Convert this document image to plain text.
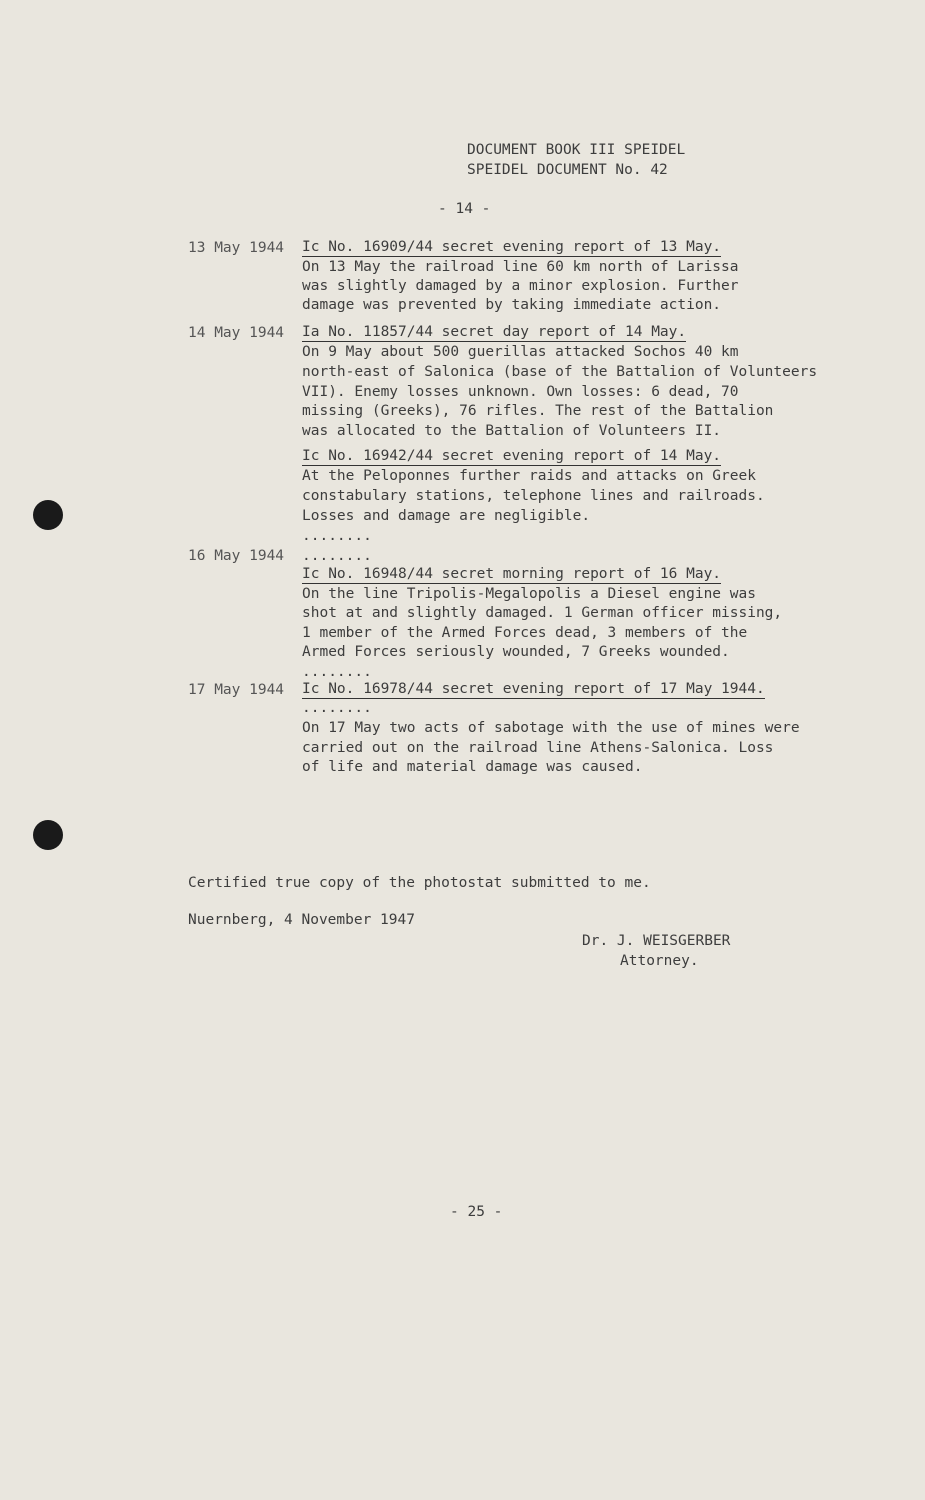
DOCUMENT BOOK III SPEIDEL
SPEIDEL DOCUMENT No. 42
- 14 -
13 May 1944 Ic No. 16909/44 secret evening report of 13 May.
On 13 May the railroad line 60 km north of Larissa
was slightly damaged by a minor explosion. Further
damage was prevented by taking immediate action.
14 May 1944 Ia No. 11857/44 secret day report of 14 May.
On 9 May about 500 guerillas attacked Sochos 40 km
north-east of Salonica (base of the Battalion of Volunteers
VII). Enemy losses unknown. Own losses: 6 dead, 70
missing (Greeks), 76 rifles. The rest of the Battalion
was allocated to the Battalion of Volunteers II.
Ic No. 16942/44 secret evening report of 14 May.
At the Peloponnes further raids and attacks on Greek
constabulary stations, telephone lines and railroads.
Losses and damage are negligible.
........
16 May 1944 ........
Ic No. 16948/44 secret morning report of 16 May.
On the line Tripolis-Megalopolis a Diesel engine was
shot at and slightly damaged. 1 German officer missing,
1 member of the Armed Forces dead, 3 members of the
Armed Forces seriously wounded, 7 Greeks wounded.
........
17 May 1944 Ic No. 16978/44 secret evening report of 17 May 1944.
........
On 17 May two acts of sabotage with the use of mines were
carried out on the railroad line Athens-Salonica. Loss
of life and material damage was caused.
Certified true copy of the photostat submitted to me.
Nuernberg, 4 November 1947
Dr. J. WEISGERBER
Attorney.
- 25 -
